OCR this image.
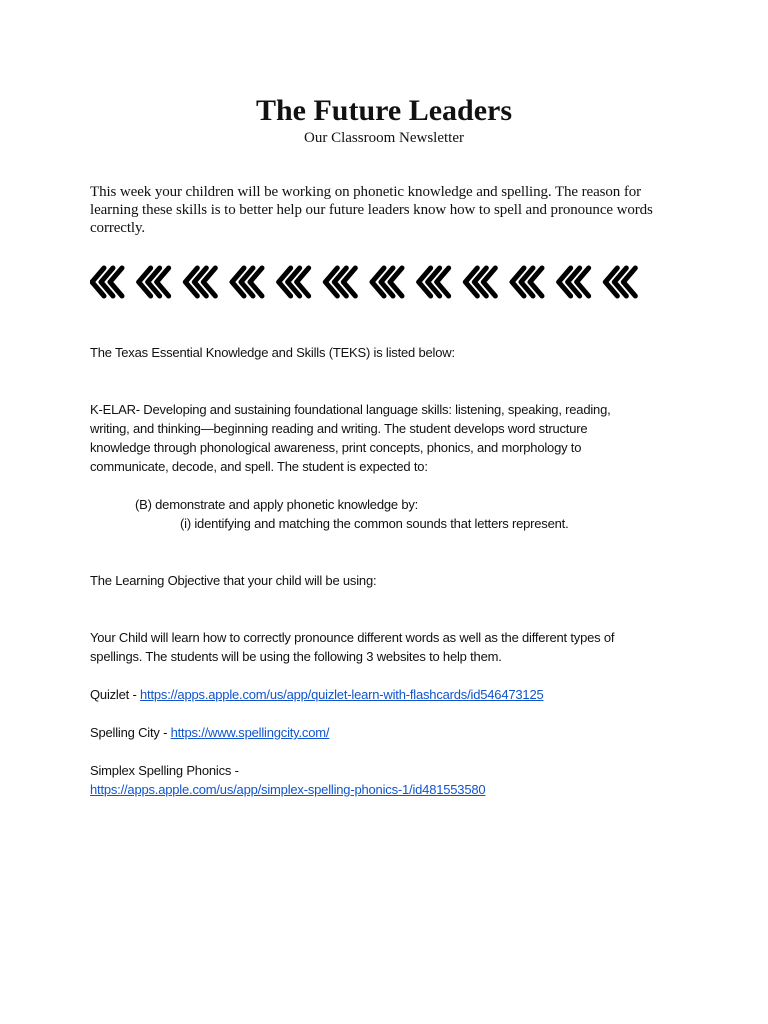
The Future Leaders
Our Classroom Newsletter
This week your children will be working on phonetic knowledge and spelling. The reason for
learning these skills is to better help our future leaders know how to spell and pronounce words
correctly.
The Texas Essential Knowledge and Skills (TEKS) is listed below:
K-ELAR- Developing and sustaining foundational language skills: listening, speaking, reading,
writing, and thinking—beginning reading and writing. The student develops word structure
knowledge through phonological awareness, print concepts, phonics, and morphology to
communicate, decode, and spell. The student is expected to:
(B) demonstrate and apply phonetic knowledge by:
(i) identifying and matching the common sounds that letters represent.
The Learning Objective that your child will be using:
Your Child will learn how to correctly pronounce different words as well as the different types of
spellings. The students will be using the following 3 websites to help them.
Quizlet - https://apps.apple.com/us/app/quizlet-learn-with-flashcards/id546473125
Spelling City - https://www.spellingcity.com/
Simplex Spelling Phonics -
https://apps.apple.com/us/app/simplex-spelling-phonics-1/id481553580
